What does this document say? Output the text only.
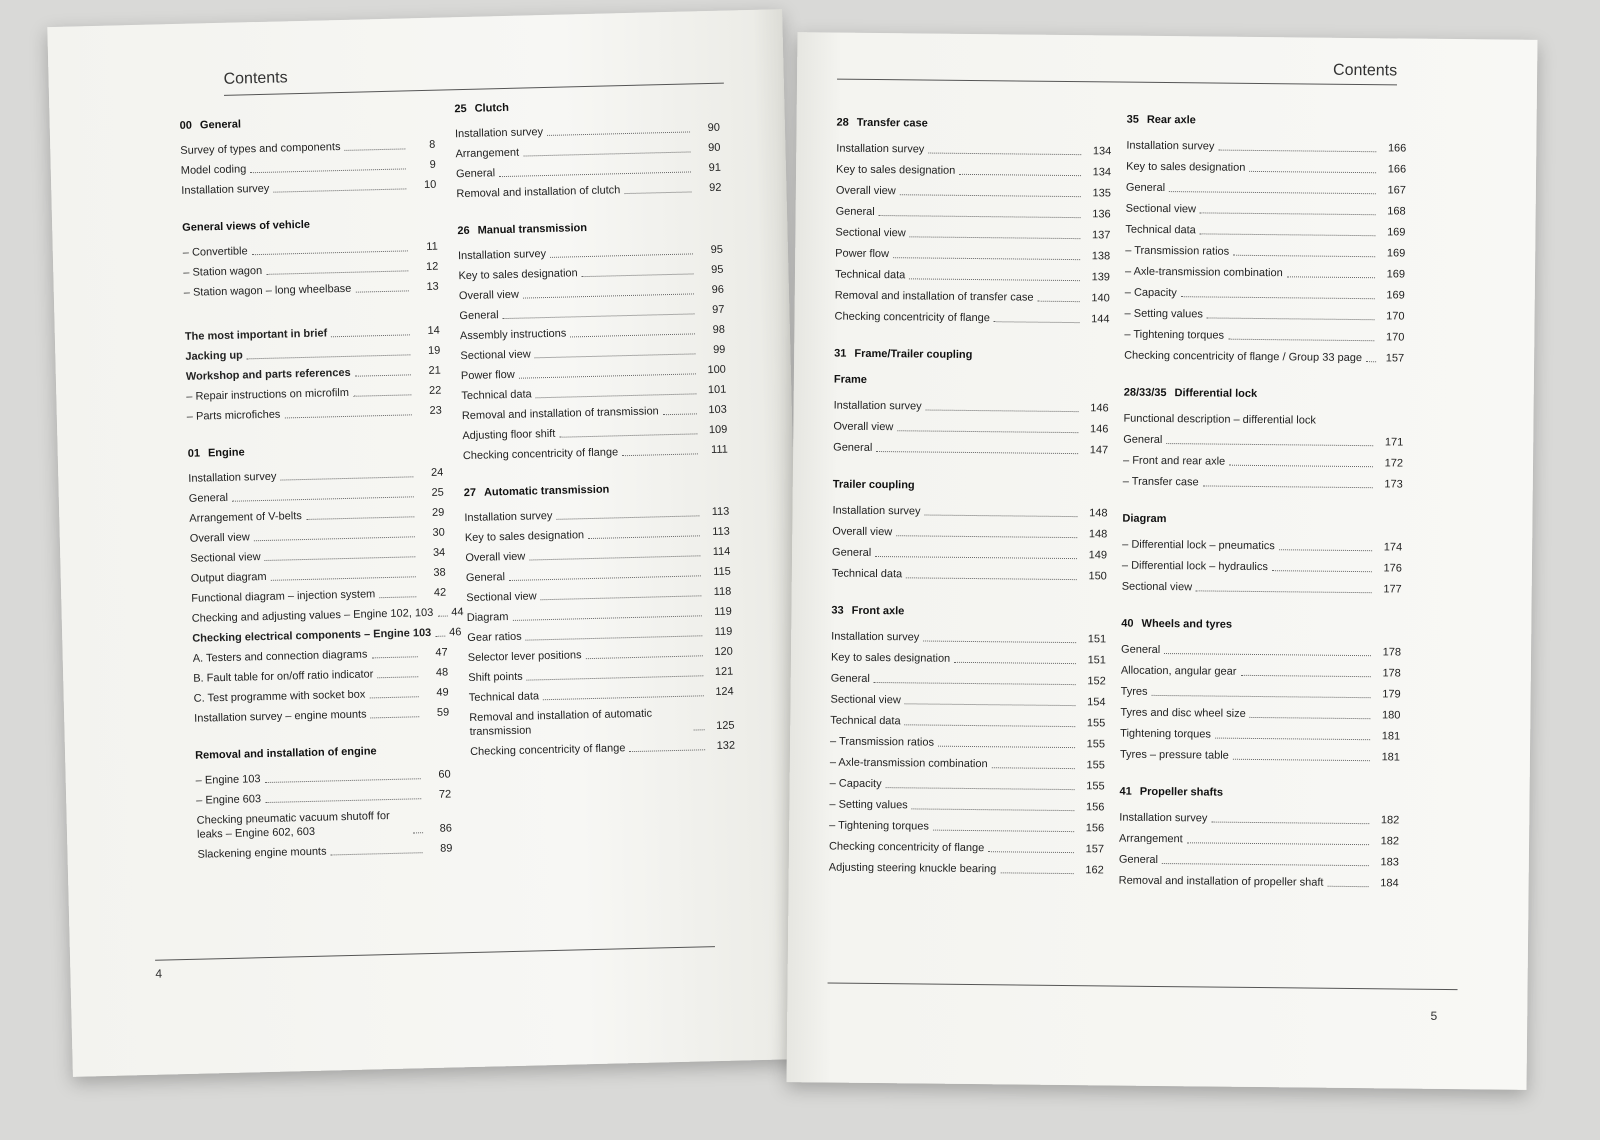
Contents
00 General
Survey of types and components	8
Model coding	9
Installation survey	10
General views of vehicle
– Convertible	11
– Station wagon	12
– Station wagon – long wheelbase	13
The most important in brief	14
Jacking up	19
Workshop and parts references	21
– Repair instructions on microfilm	22
– Parts microfiches	23
01 Engine
Installation survey	24
General	25
Arrangement of V-belts	29
Overall view	30
Sectional view	34
Output diagram	38
Functional diagram – injection system	42
Checking and adjusting values – Engine 102, 103 44
Checking electrical components – Engine 103 46
A. Testers and connection diagrams	47
B. Fault table for on/off ratio indicator	48
C. Test programme with socket box	49
Installation survey – engine mounts	59
Removal and installation of engine
– Engine 103	60
– Engine 603	72
Checking pneumatic vacuum shutoff for leaks – Engine 602, 603	86
Slackening engine mounts	89
25 Clutch
Installation survey	90
Arrangement	90
General	91
Removal and installation of clutch	92
26 Manual transmission
Installation survey	95
Key to sales designation	95
Overall view	96
General	97
Assembly instructions	98
Sectional view	99
Power flow	100
Technical data	101
Removal and installation of transmission	103
Adjusting floor shift	109
Checking concentricity of flange	111
27 Automatic transmission
Installation survey	113
Key to sales designation	113
Overall view	114
General	115
Sectional view	118
Diagram	119
Gear ratios	119
Selector lever positions	120
Shift points	121
Technical data	124
Removal and installation of automatic transmission	125
Checking concentricity of flange	132
4
Contents
28 Transfer case
Installation survey	134
Key to sales designation	134
Overall view	135
General	136
Sectional view	137
Power flow	138
Technical data	139
Removal and installation of transfer case	140
Checking concentricity of flange	144
31 Frame/Trailer coupling
Frame
Installation survey	146
Overall view	146
General	147
Trailer coupling
Installation survey	148
Overall view	148
General	149
Technical data	150
33 Front axle
Installation survey	151
Key to sales designation	151
General	152
Sectional view	154
Technical data	155
– Transmission ratios	155
– Axle-transmission combination	155
– Capacity	155
– Setting values	156
– Tightening torques	156
Checking concentricity of flange	157
Adjusting steering knuckle bearing	162
35 Rear axle
Installation survey	166
Key to sales designation	166
General	167
Sectional view	168
Technical data	169
– Transmission ratios	169
– Axle-transmission combination	169
– Capacity	169
– Setting values	170
– Tightening torques	170
Checking concentricity of flange / Group 33 page	157
28/33/35 Differential lock
Functional description – differential lock
General	171
– Front and rear axle	172
– Transfer case	173
Diagram
– Differential lock – pneumatics	174
– Differential lock – hydraulics	176
Sectional view	177
40 Wheels and tyres
General	178
Allocation, angular gear	178
Tyres	179
Tyres and disc wheel size	180
Tightening torques	181
Tyres – pressure table	181
41 Propeller shafts
Installation survey	182
Arrangement	182
General	183
Removal and installation of propeller shaft	184
5
